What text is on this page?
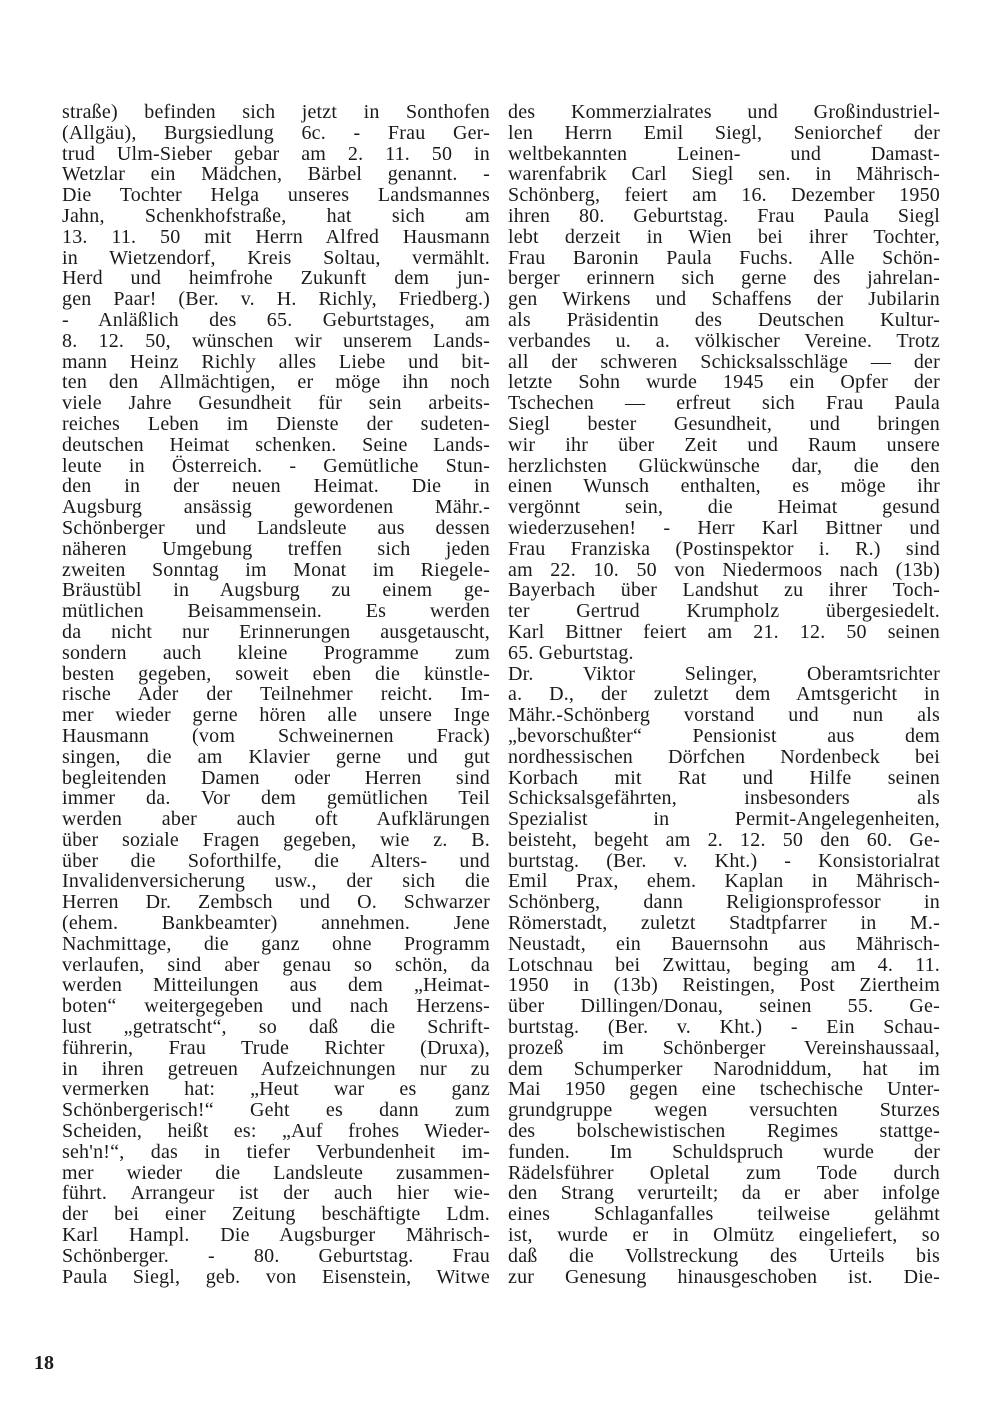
straße) befinden sich jetzt in Sonthofen
(Allgäu), Burgsiedlung 6c. - Frau Ger-
trud Ulm-Sieber gebar am 2. 11. 50 in
Wetzlar ein Mädchen, Bärbel genannt. -
Die Tochter Helga unseres Landsmannes
Jahn, Schenkhofstraße, hat sich am
13. 11. 50 mit Herrn Alfred Hausmann
in Wietzendorf, Kreis Soltau, vermählt.
Herd und heimfrohe Zukunft dem jun-
gen Paar! (Ber. v. H. Richly, Friedberg.)
- Anläßlich des 65. Geburtstages, am
8. 12. 50, wünschen wir unserem Lands-
mann Heinz Richly alles Liebe und bit-
ten den Allmächtigen, er möge ihn noch
viele Jahre Gesundheit für sein arbeits-
reiches Leben im Dienste der sudeten-
deutschen Heimat schenken. Seine Lands-
leute in Österreich. - Gemütliche Stun-
den in der neuen Heimat. Die in
Augsburg ansässig gewordenen Mähr.-
Schönberger und Landsleute aus dessen
näheren Umgebung treffen sich jeden
zweiten Sonntag im Monat im Riegele-
Bräustübl in Augsburg zu einem ge-
mütlichen Beisammensein. Es werden
da nicht nur Erinnerungen ausgetauscht,
sondern auch kleine Programme zum
besten gegeben, soweit eben die künstle-
rische Ader der Teilnehmer reicht. Im-
mer wieder gerne hören alle unsere Inge
Hausmann (vom Schweinernen Frack)
singen, die am Klavier gerne und gut
begleitenden Damen oder Herren sind
immer da. Vor dem gemütlichen Teil
werden aber auch oft Aufklärungen
über soziale Fragen gegeben, wie z. B.
über die Soforthilfe, die Alters- und
Invalidenversicherung usw., der sich die
Herren Dr. Zembsch und O. Schwarzer
(ehem. Bankbeamter) annehmen. Jene
Nachmittage, die ganz ohne Programm
verlaufen, sind aber genau so schön, da
werden Mitteilungen aus dem „Heimat-
boten“ weitergegeben und nach Herzens-
lust „getratscht“, so daß die Schrift-
führerin, Frau Trude Richter (Druxa),
in ihren getreuen Aufzeichnungen nur zu
vermerken hat: „Heut war es ganz
Schönbergerisch!“ Geht es dann zum
Scheiden, heißt es: „Auf frohes Wieder-
seh'n!“, das in tiefer Verbundenheit im-
mer wieder die Landsleute zusammen-
führt. Arrangeur ist der auch hier wie-
der bei einer Zeitung beschäftigte Ldm.
Karl Hampl. Die Augsburger Mährisch-
Schönberger. - 80. Geburtstag. Frau
Paula Siegl, geb. von Eisenstein, Witwe
des Kommerzialrates und Großindustriel-
len Herrn Emil Siegl, Seniorchef der
weltbekannten Leinen- und Damast-
warenfabrik Carl Siegl sen. in Mährisch-
Schönberg, feiert am 16. Dezember 1950
ihren 80. Geburtstag. Frau Paula Siegl
lebt derzeit in Wien bei ihrer Tochter,
Frau Baronin Paula Fuchs. Alle Schön-
berger erinnern sich gerne des jahrelan-
gen Wirkens und Schaffens der Jubilarin
als Präsidentin des Deutschen Kultur-
verbandes u. a. völkischer Vereine. Trotz
all der schweren Schicksalsschläge — der
letzte Sohn wurde 1945 ein Opfer der
Tschechen — erfreut sich Frau Paula
Siegl bester Gesundheit, und bringen
wir ihr über Zeit und Raum unsere
herzlichsten Glückwünsche dar, die den
einen Wunsch enthalten, es möge ihr
vergönnt sein, die Heimat gesund
wiederzusehen! - Herr Karl Bittner und
Frau Franziska (Postinspektor i. R.) sind
am 22. 10. 50 von Niedermoos nach (13b)
Bayerbach über Landshut zu ihrer Toch-
ter Gertrud Krumpholz übergesiedelt.
Karl Bittner feiert am 21. 12. 50 seinen
65. Geburtstag.
Dr. Viktor Selinger, Oberamtsrichter
a. D., der zuletzt dem Amtsgericht in
Mähr.-Schönberg vorstand und nun als
„bevorschußter“ Pensionist aus dem
nordhessischen Dörfchen Nordenbeck bei
Korbach mit Rat und Hilfe seinen
Schicksalsgefährten, insbesonders als
Spezialist in Permit-Angelegenheiten,
beisteht, begeht am 2. 12. 50 den 60. Ge-
burtstag. (Ber. v. Kht.) - Konsistorialrat
Emil Prax, ehem. Kaplan in Mährisch-
Schönberg, dann Religionsprofessor in
Römerstadt, zuletzt Stadtpfarrer in M.-
Neustadt, ein Bauernsohn aus Mährisch-
Lotschnau bei Zwittau, beging am 4. 11.
1950 in (13b) Reistingen, Post Ziertheim
über Dillingen/Donau, seinen 55. Ge-
burtstag. (Ber. v. Kht.) - Ein Schau-
prozeß im Schönberger Vereinshaussaal,
dem Schumperker Narodniddum, hat im
Mai 1950 gegen eine tschechische Unter-
grundgruppe wegen versuchten Sturzes
des bolschewistischen Regimes stattge-
funden. Im Schuldspruch wurde der
Rädelsführer Opletal zum Tode durch
den Strang verurteilt; da er aber infolge
eines Schlaganfalles teilweise gelähmt
ist, wurde er in Olmütz eingeliefert, so
daß die Vollstreckung des Urteils bis
zur Genesung hinausgeschoben ist. Die-
18
